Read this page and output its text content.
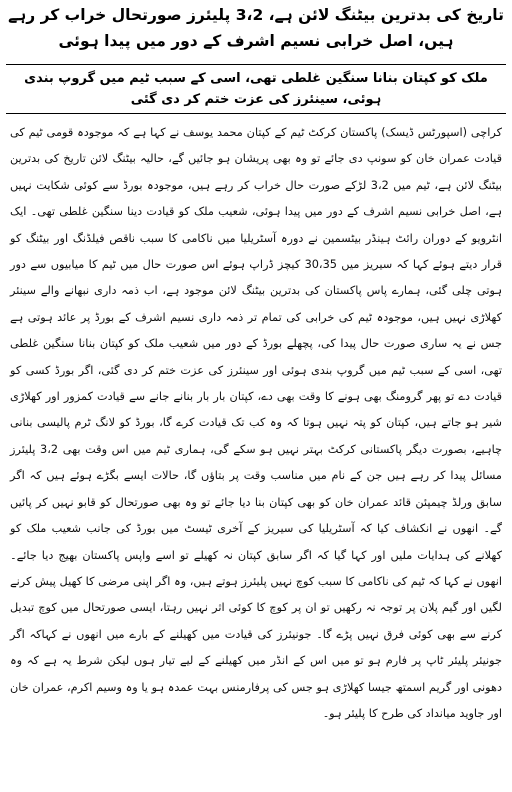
تاریخ کی بدترین بیٹنگ لائن ہے، 3،2 پلیئرز صورتحال خراب کر رہے ہیں، اصل خرابی نسیم اشرف کے دور میں پیدا ہوئی
ملک کو کپتان بنانا سنگین غلطی تھی، اسی کے سبب ٹیم میں گروپ بندی ہوئی، سینئرز کی عزت ختم کر دی گئی
کراچی (اسپورٹس ڈیسک) پاکستان کرکٹ ٹیم کے کپتان محمد یوسف نے کہا ہے کہ موجودہ قومی ٹیم کی قیادت عمران خان کو سونپ دی جائے تو وہ بھی پریشان ہو جائیں گے، حالیہ بیٹنگ لائن تاریخ کی بدترین بیٹنگ لائن ہے، ٹیم میں 3،2 لڑکے صورت حال خراب کر رہے ہیں، موجودہ بورڈ سے کوئی شکایت نہیں ہے، اصل خرابی نسیم اشرف کے دور میں پیدا ہوئی، شعیب ملک کو قیادت دینا سنگین غلطی تھی۔ ایک انٹرویو کے دوران رائٹ ہینڈر بیٹسمین نے دورہ آسٹریلیا میں ناکامی کا سبب ناقص فیلڈنگ اور بیٹنگ کو قرار دیتے ہوئے کہا کہ سیریز میں 30،35 کیچز ڈراپ ہوئے اس صورت حال میں ٹیم کا میابیوں سے دور ہوتی چلی گئی، ہمارے پاس پاکستان کی بدترین بیٹنگ لائن موجود ہے، اب ذمہ داری نبھانے والے سینئر کھلاڑی نہیں ہیں، موجودہ ٹیم کی خرابی کی تمام تر ذمہ داری نسیم اشرف کے بورڈ پر عائد ہوتی ہے جس نے یہ ساری صورت حال پیدا کی، پچھلے بورڈ کے دور میں شعیب ملک کو کپتان بنانا سنگین غلطی تھی، اسی کے سبب ٹیم میں گروپ بندی ہوئی اور سینئرز کی عزت ختم کر دی گئی، اگر بورڈ کسی کو قیادت دے تو پھر گرومنگ بھی ہونے کا وقت بھی دے، کپتان بار بار بنانے جانے سے قیادت کمزور اور کھلاڑی شیر ہو جاتے ہیں، کپتان کو پتہ نہیں ہوتا کہ وہ کب تک قیادت کرے گا، بورڈ کو لانگ ٹرم پالیسی بنانی چاہیے، بصورت دیگر پاکستانی کرکٹ بہتر نہیں ہو سکے گی، ہماری ٹیم میں اس وقت بھی 3،2 پلیئرز مسائل پیدا کر رہے ہیں جن کے نام میں مناسب وقت پر بتاؤں گا، حالات ایسے بگڑے ہوئے ہیں کہ اگر سابق ورلڈ چیمپئن قائد عمران خان کو بھی کپتان بنا دیا جائے تو وہ بھی صورتحال کو قابو نہیں کر پائیں گے۔ انھوں نے انکشاف کیا کہ آسٹریلیا کی سیریز کے آخری ٹیسٹ میں بورڈ کی جانب شعیب ملک کو کھلانے کی ہدایات ملیں اور کہا گیا کہ اگر سابق کپتان نہ کھیلے تو اسے واپس پاکستان بھیج دیا جائے۔ انھوں نے کہا کہ ٹیم کی ناکامی کا سبب کوچ نہیں پلیئرز ہوتے ہیں، وہ اگر اپنی مرضی کا کھیل پیش کرنے لگیں اور گیم پلان پر توجہ نہ رکھیں تو ان پر کوچ کا کوئی اثر نہیں رہتا، ایسی صورتحال میں کوچ تبدیل کرنے سے بھی کوئی فرق نہیں پڑے گا۔ جونیئرز کی قیادت میں کھیلنے کے بارے میں انھوں نے کہاکہ اگر جونیئر پلیئر ٹاپ پر فارم ہو تو میں اس کے انڈر میں کھیلنے کے لیے تیار ہوں لیکن شرط یہ ہے کہ وہ دھونی اور گریم اسمتھ جیسا کھلاڑی ہو جس کی پرفارمنس بہت عمدہ ہو یا وہ وسیم اکرم، عمران خان اور جاوید میانداد کی طرح کا پلیئر ہو۔
